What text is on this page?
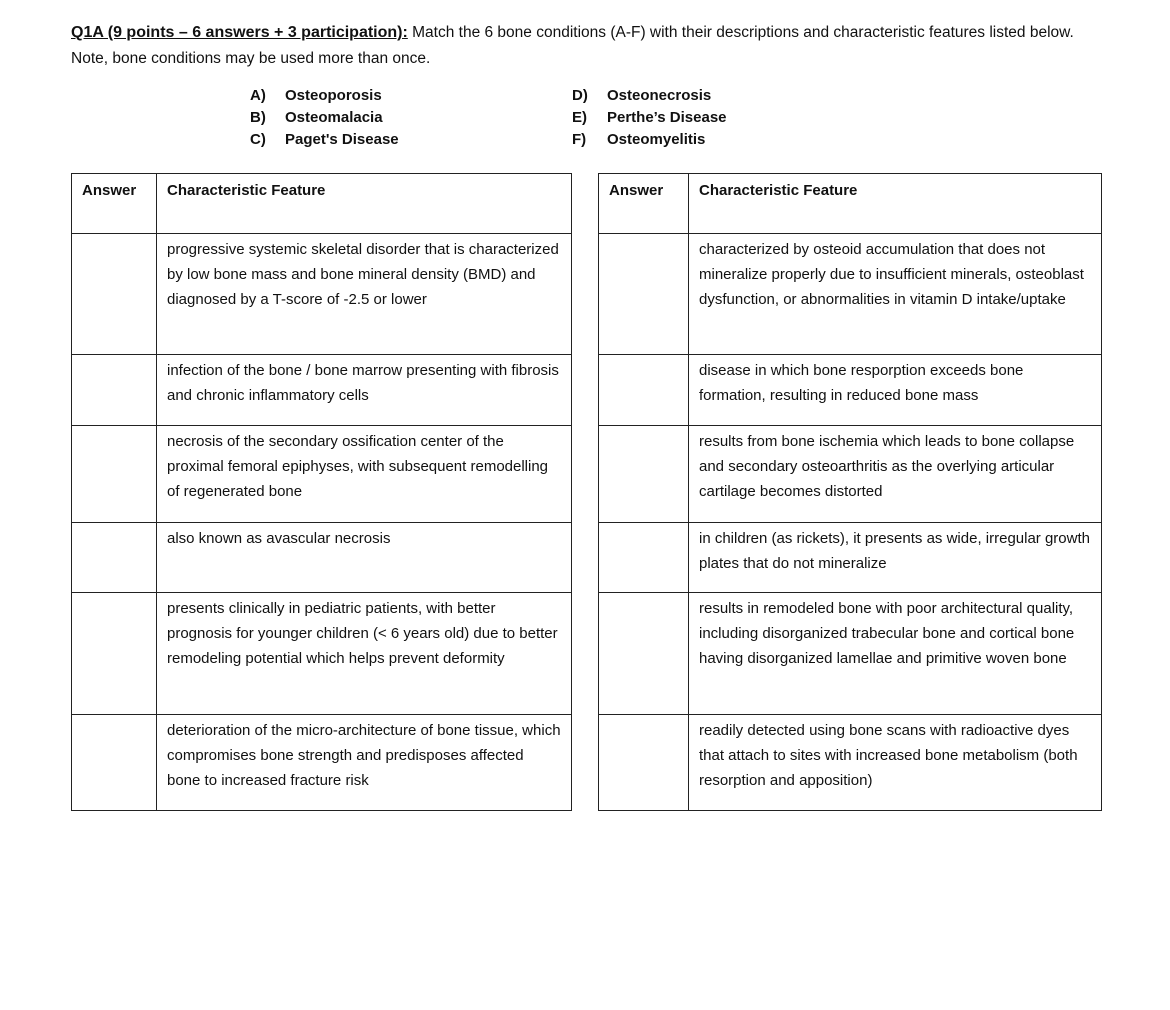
Q1A (9 points – 6 answers + 3 participation): Match the 6 bone conditions (A-F) with their descriptions and characteristic features listed below. Note, bone conditions may be used more than once.
A)	Osteoporosis
B)	Osteomalacia
C)	Paget's Disease
D)	Osteonecrosis
E)	Perthe’s Disease
F)	Osteomyelitis
Answer	Characteristic Feature
	progressive systemic skeletal disorder that is characterized by low bone mass and bone mineral density (BMD) and diagnosed by a T-score of -2.5 or lower
	infection of the bone / bone marrow presenting with fibrosis and chronic inflammatory cells
	necrosis of the secondary ossification center of the proximal femoral epiphyses, with subsequent remodelling of regenerated bone
	also known as avascular necrosis
	presents clinically in pediatric patients, with better prognosis for younger children (< 6 years old) due to better remodeling potential which helps prevent deformity
	deterioration of the micro-architecture of bone tissue, which compromises bone strength and predisposes affected bone to increased fracture risk
Answer	Characteristic Feature
	characterized by osteoid accumulation that does not mineralize properly due to insufficient minerals, osteoblast dysfunction, or abnormalities in vitamin D intake/uptake
	disease in which bone resporption exceeds bone formation, resulting in reduced bone mass
	results from bone ischemia which leads to bone collapse and secondary osteoarthritis as the overlying articular cartilage becomes distorted
	in children (as rickets), it presents as wide, irregular growth plates that do not mineralize
	results in remodeled bone with poor architectural quality, including disorganized trabecular bone and cortical bone having disorganized lamellae and primitive woven bone
	readily detected using bone scans with radioactive dyes that attach to sites with increased bone metabolism (both resorption and apposition)
